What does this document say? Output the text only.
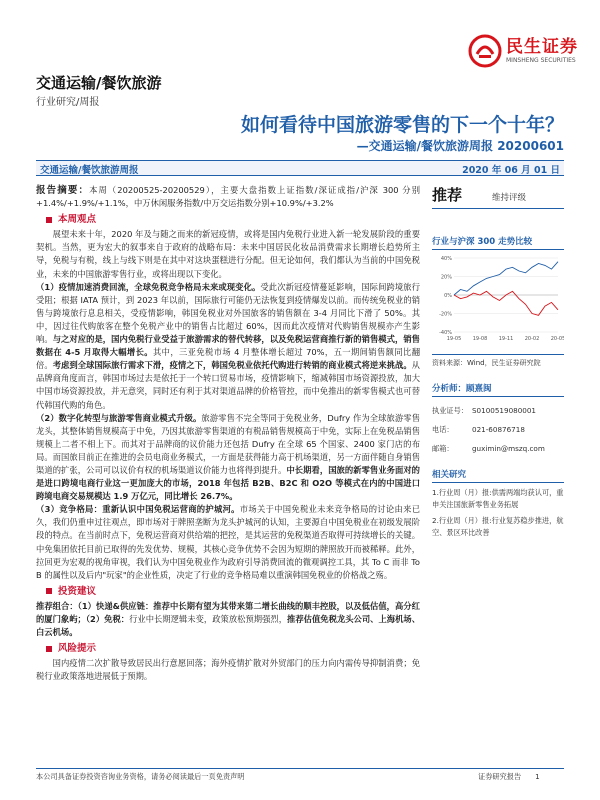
民生证券
MINSHENG SECURITIES
交通运输/餐饮旅游
行业研究/周报
如何看待中国旅游零售的下一个十年？
—交通运输/餐饮旅游周报 20200601
交通运输/餐饮旅游周报	2020 年 06 月 01 日

报告摘要：本周（20200525-20200529），主要大盘指数上证指数/深证成指/沪深 300 分别+1.4%/+1.9%/+1.1%，中万休闲服务指数/中万交运指数分别+10.9%/+3.2%

本周观点

展望未来十年，2020 年及与随之而来的新冠疫情，或将是国内免税行业进入新一轮发展阶段的重要契机。当然，更为宏大的叙事来自于政府的战略布局：未来中国居民化妆品消费需求长期增长趋势所主导，免税与有税，线上与线下则是在其中对这块蛋糕进行分配。但无论如何，我们都认为当前的中国免税业，未来的中国旅游零售行业，或将出现以下变化。

（1）疫情加速消费回流，全球免税竞争格局未来或现变化。受此次新冠疫情蔓延影响，国际间跨境旅行受阻；根据 IATA 预计，到 2023 年以前，国际旅行可能仍无法恢复到疫情爆发以前。而传统免税业的销售与跨境旅行息息相关，受疫情影响，韩国免税业对外国旅客的销售额在 3-4 月同比下滑了 50%。其中，因过往代购旅客在整个免税产业中的销售占比超过 60%，因而此次疫情对代购销售规模亦产生影响。与之对应的是，国内免税行业受益于旅游需求的替代转移，以及免税运营商推行新的销售模式，销售数据在 4-5 月取得大幅增长。其中，三亚免税市场 4 月整体增长超过 70%，五一期间销售额同比翻倍。考虑到全球国际旅行需求下滑，疫情之下，韩国免税业依托代购进行转销的商业模式将逆来挑战。从品牌商角度而言，韩国市场过去是依托于一个转口贸易市场，疫情影响下，缩减韩国市场资源投放，加大中国市场资源投放，并无意突，同时还有利于其对渠道品牌的价格管控，而中免推出的新零售模式也可替代韩国代购的角色。

（2）数字化转型与旅游零售商业模式升级。旅游零售不完全等同于免税业务，Dufry 作为全球旅游零售龙头，其整体销售规模高于中免，乃因其旅游零售渠道的有税品销售规模高于中免，实际上在免税品销售规模上二者不相上下。而其对于品牌商的议价能力还包括 Dufry 在全球 65 个国家、2400 家门店的布局。而国旅目前正在推进的会员电商业务模式，一方面是获得能力高于机场渠道，另一方面伴随自身销售渠道的扩张，公司可以议价有权的机场渠道议价能力也将得到提升。中长期看，国旅的新零售业务面对的是进口跨境电商行业这一更加庞大的市场，2018 年包括 B2B、B2C 和 O2O 等模式在内的中国进口跨境电商交易规模达 1.9 万亿元，同比增长 26.7%。

（3）竞争格局：重新认识中国免税运营商的护城河。市场关于中国免税业未来竞争格局的讨论由来已久，我们仍重申过往观点，即市场对于牌照垄断为龙头护城河的认知，主要源自中国免税业在初级发展阶段的特点。在当前时点下，免税运营商对供给端的把控，是其运营的免税渠道否取得可持续增长的关键。中免集团依托目前已取得的先发优势、规模，其核心竞争优势不会因为短期的牌照放开而被稀释。此外，拉回更为宏观的视角审视，我们认为中国免税业作为政府引导消费回流的微观调控工具，其 To C 而非 To B 的属性以及后内"玩家"的企业性质，决定了行业的竞争格局难以重演韩国免税业的价格战之殇。

投资建议

推荐组合：（1）快递&供应链：推荐中长期有望为其带来第二增长曲线的顺丰控股，以及低估值，高分红的厦门象屿；（2）免税：行业中长期逻辑未变，政策放松预期强烈，推荐估值免税龙头公司、上海机场、白云机场。

风险提示

国内疫情二次扩散导致居民出行意愿回落；海外疫情扩散对外贸部门的压力向内需传导抑制消费；免税行业政策落地进展低于预期。

推荐	维持评级
行业与沪深 300 走势比较
40%
20%
0%
-20%
-40%
19-05 19-08 19-11 20-02 20-05
资料来源：Wind，民生证券研究院
分析师：顾熹闽
执业证号： S0100519080001
电话：	021-60876718
邮箱：	guximin@mszq.com
相关研究
1.行业周（月）报:供需两端均获认可，重申关注国旅新零售业务拓展
2.行业周（月）报:行业复苏稳步推进，航空、景区环比改善
本公司具备证券投资咨询业务资格，请务必阅读最后一页免责声明	证券研究报告 1
